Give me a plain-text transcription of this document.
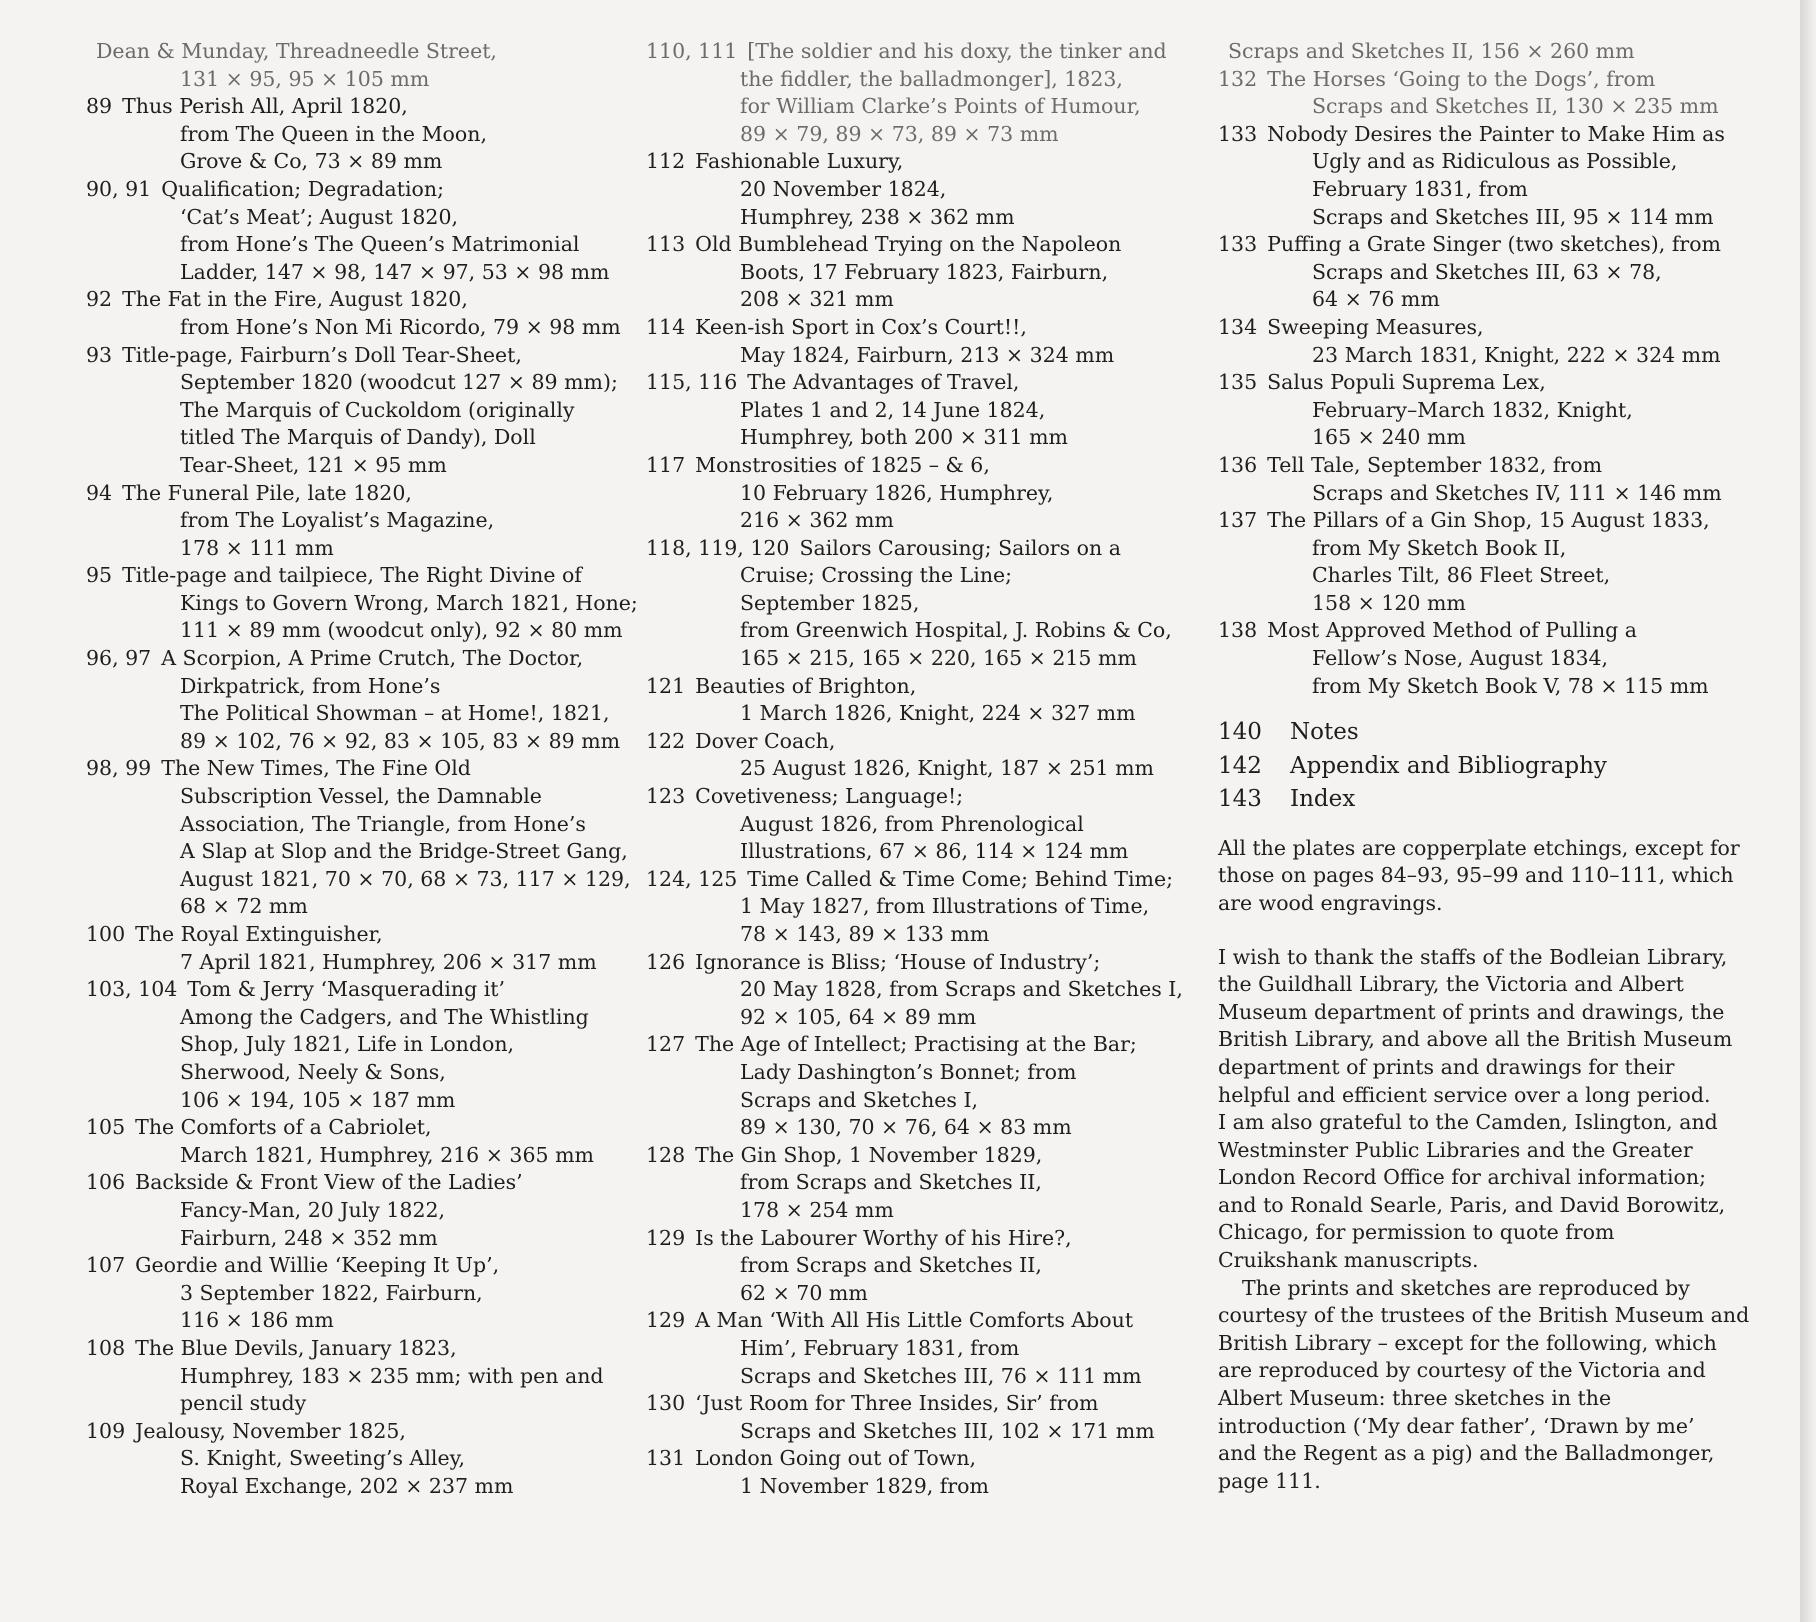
Dean & Munday, Threadneedle Street,
131 × 95, 95 × 105 mm
89 Thus Perish All, April 1820,
from The Queen in the Moon,
Grove & Co, 73 × 89 mm
90, 91 Qualification; Degradation;
‘Cat’s Meat’; August 1820,
from Hone’s The Queen’s Matrimonial
Ladder, 147 × 98, 147 × 97, 53 × 98 mm
92 The Fat in the Fire, August 1820,
from Hone’s Non Mi Ricordo, 79 × 98 mm
93 Title-page, Fairburn’s Doll Tear-Sheet,
September 1820 (woodcut 127 × 89 mm);
The Marquis of Cuckoldom (originally
titled The Marquis of Dandy), Doll
Tear-Sheet, 121 × 95 mm
94 The Funeral Pile, late 1820,
from The Loyalist’s Magazine,
178 × 111 mm
95 Title-page and tailpiece, The Right Divine of
Kings to Govern Wrong, March 1821, Hone;
111 × 89 mm (woodcut only), 92 × 80 mm
96, 97 A Scorpion, A Prime Crutch, The Doctor,
Dirkpatrick, from Hone’s
The Political Showman – at Home!, 1821,
89 × 102, 76 × 92, 83 × 105, 83 × 89 mm
98, 99 The New Times, The Fine Old
Subscription Vessel, the Damnable
Association, The Triangle, from Hone’s
A Slap at Slop and the Bridge-Street Gang,
August 1821, 70 × 70, 68 × 73, 117 × 129,
68 × 72 mm
100 The Royal Extinguisher,
7 April 1821, Humphrey, 206 × 317 mm
103, 104 Tom & Jerry ‘Masquerading it’
Among the Cadgers, and The Whistling
Shop, July 1821, Life in London,
Sherwood, Neely & Sons,
106 × 194, 105 × 187 mm
105 The Comforts of a Cabriolet,
March 1821, Humphrey, 216 × 365 mm
106 Backside & Front View of the Ladies’
Fancy-Man, 20 July 1822,
Fairburn, 248 × 352 mm
107 Geordie and Willie ‘Keeping It Up’,
3 September 1822, Fairburn,
116 × 186 mm
108 The Blue Devils, January 1823,
Humphrey, 183 × 235 mm; with pen and
pencil study
109 Jealousy, November 1825,
S. Knight, Sweeting’s Alley,
Royal Exchange, 202 × 237 mm
110, 111 [The soldier and his doxy, the tinker and
the fiddler, the balladmonger], 1823,
for William Clarke’s Points of Humour,
89 × 79, 89 × 73, 89 × 73 mm
112 Fashionable Luxury,
20 November 1824,
Humphrey, 238 × 362 mm
113 Old Bumblehead Trying on the Napoleon
Boots, 17 February 1823, Fairburn,
208 × 321 mm
114 Keen-ish Sport in Cox’s Court!!,
May 1824, Fairburn, 213 × 324 mm
115, 116 The Advantages of Travel,
Plates 1 and 2, 14 June 1824,
Humphrey, both 200 × 311 mm
117 Monstrosities of 1825 – & 6,
10 February 1826, Humphrey,
216 × 362 mm
118, 119, 120 Sailors Carousing; Sailors on a
Cruise; Crossing the Line;
September 1825,
from Greenwich Hospital, J. Robins & Co,
165 × 215, 165 × 220, 165 × 215 mm
121 Beauties of Brighton,
1 March 1826, Knight, 224 × 327 mm
122 Dover Coach,
25 August 1826, Knight, 187 × 251 mm
123 Covetiveness; Language!;
August 1826, from Phrenological
Illustrations, 67 × 86, 114 × 124 mm
124, 125 Time Called & Time Come; Behind Time;
1 May 1827, from Illustrations of Time,
78 × 143, 89 × 133 mm
126 Ignorance is Bliss; ‘House of Industry’;
20 May 1828, from Scraps and Sketches I,
92 × 105, 64 × 89 mm
127 The Age of Intellect; Practising at the Bar;
Lady Dashington’s Bonnet; from
Scraps and Sketches I,
89 × 130, 70 × 76, 64 × 83 mm
128 The Gin Shop, 1 November 1829,
from Scraps and Sketches II,
178 × 254 mm
129 Is the Labourer Worthy of his Hire?,
from Scraps and Sketches II,
62 × 70 mm
129 A Man ‘With All His Little Comforts About
Him’, February 1831, from
Scraps and Sketches III, 76 × 111 mm
130 ‘Just Room for Three Insides, Sir’ from
Scraps and Sketches III, 102 × 171 mm
131 London Going out of Town,
1 November 1829, from
Scraps and Sketches II, 156 × 260 mm
132 The Horses ‘Going to the Dogs’, from
Scraps and Sketches II, 130 × 235 mm
133 Nobody Desires the Painter to Make Him as
Ugly and as Ridiculous as Possible,
February 1831, from
Scraps and Sketches III, 95 × 114 mm
133 Puffing a Grate Singer (two sketches), from
Scraps and Sketches III, 63 × 78,
64 × 76 mm
134 Sweeping Measures,
23 March 1831, Knight, 222 × 324 mm
135 Salus Populi Suprema Lex,
February–March 1832, Knight,
165 × 240 mm
136 Tell Tale, September 1832, from
Scraps and Sketches IV, 111 × 146 mm
137 The Pillars of a Gin Shop, 15 August 1833,
from My Sketch Book II,
Charles Tilt, 86 Fleet Street,
158 × 120 mm
138 Most Approved Method of Pulling a
Fellow’s Nose, August 1834,
from My Sketch Book V, 78 × 115 mm
140 Notes
142 Appendix and Bibliography
143 Index
All the plates are copperplate etchings, except for
those on pages 84–93, 95–99 and 110–111, which
are wood engravings.
I wish to thank the staffs of the Bodleian Library,
the Guildhall Library, the Victoria and Albert
Museum department of prints and drawings, the
British Library, and above all the British Museum
department of prints and drawings for their
helpful and efficient service over a long period.
I am also grateful to the Camden, Islington, and
Westminster Public Libraries and the Greater
London Record Office for archival information;
and to Ronald Searle, Paris, and David Borowitz,
Chicago, for permission to quote from
Cruikshank manuscripts.
The prints and sketches are reproduced by
courtesy of the trustees of the British Museum and
British Library – except for the following, which
are reproduced by courtesy of the Victoria and
Albert Museum: three sketches in the
introduction (‘My dear father’, ‘Drawn by me’
and the Regent as a pig) and the Balladmonger,
page 111.
